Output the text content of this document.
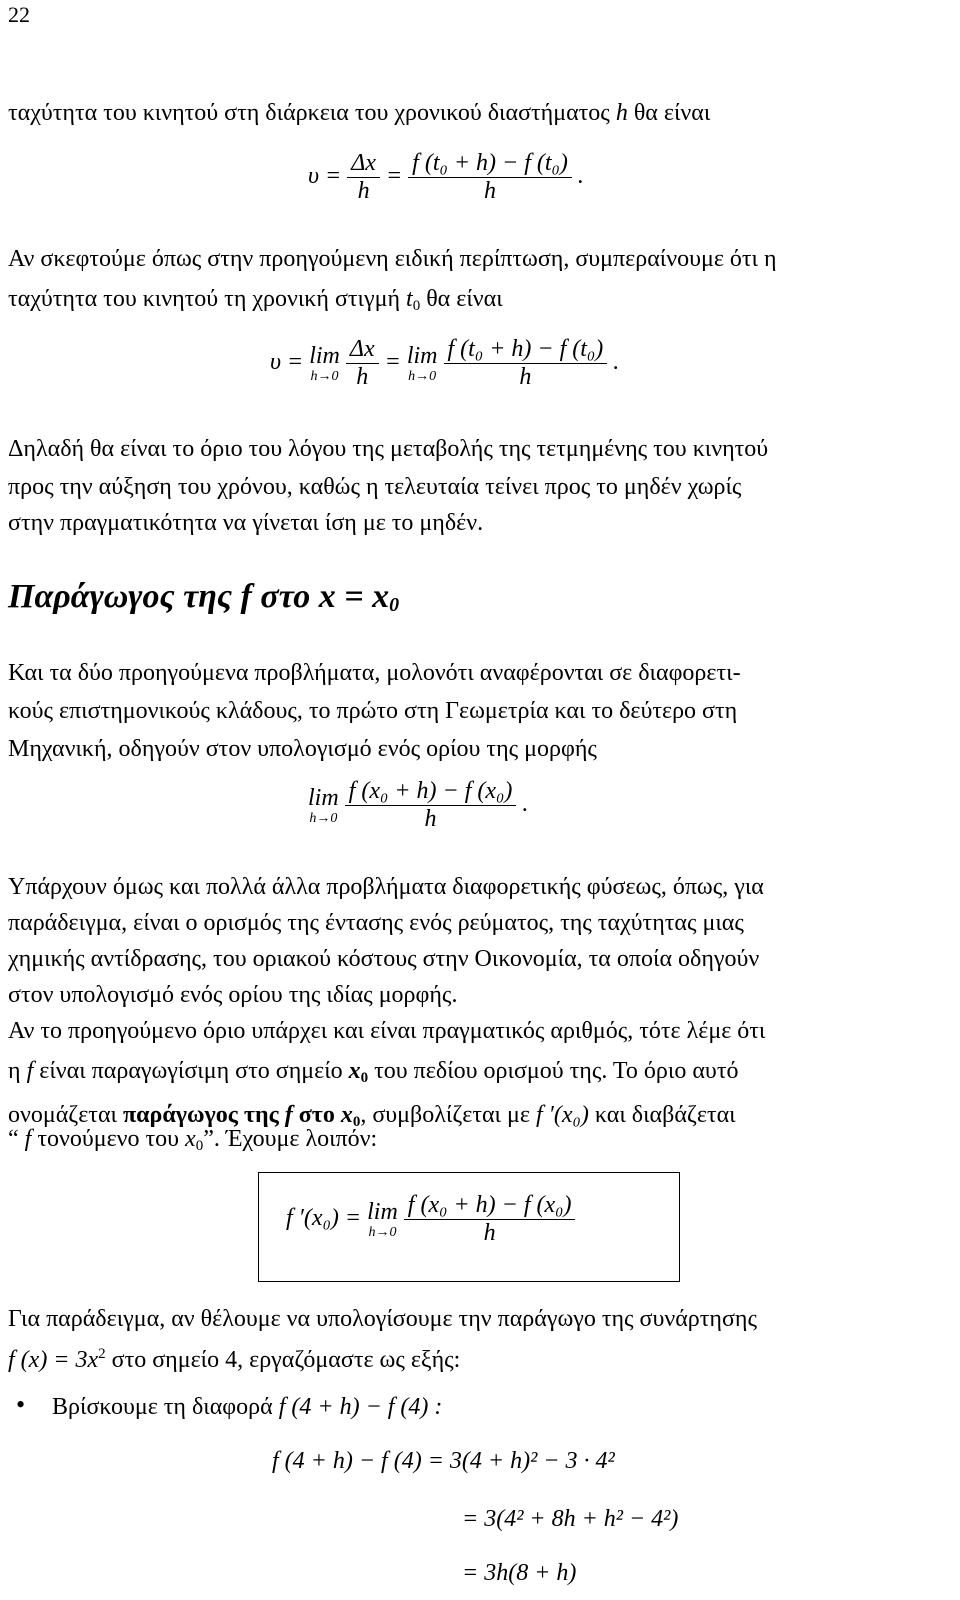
22
ταχύτητα του κινητού στη διάρκεια του χρονικού διαστήματος h θα είναι
$\upsilon = \frac{\Delta x}{h} = \frac{\text{f (t₀ + h) − f (t₀)}}{h}$ .
Αν σκεφτούμε όπως στην προηγούμενη ειδική περίπτωση, συμπεραίνουμε ότι η
ταχύτητα του κινητού τη χρονική στιγμή $t_0$ θα είναι
υ = lim
h→0
$\frac{\Delta x}{h} = \lim$
h→0
$\frac{\text{f (t₀ + h) − f (t₀)}}{h}$ .
Δηλαδή θα είναι το όριο του λόγου της μεταβολής της τετμημένης του κινητού
προς την αύξηση του χρόνου, καθώς η τελευταία τείνει προς το μηδέν χωρίς
στην πραγματικότητα να γίνεται ίση με το μηδέν.
Παράγωγος της f στο $x = x_0$
Και τα δύο προηγούμενα προβλήματα, μολονότι αναφέρονται σε διαφορετι-
κούς επιστημονικούς κλάδους, το πρώτο στη Γεωμετρία και το δεύτερο στη
Μηχανική, οδηγούν στον υπολογισμό ενός ορίου της μορφής
lim
h→0
$\frac{\text{f (x₀ + h) − f (x₀)}}{h}$ .
Υπάρχουν όμως και πολλά άλλα προβλήματα διαφορετικής φύσεως, όπως, για
παράδειγμα, είναι ο ορισμός της έντασης ενός ρεύματος, της ταχύτητας μιας
χημικής αντίδρασης, του οριακού κόστους στην Οικονομία, τα οποία οδηγούν
στον υπολογισμό ενός ορίου της ιδίας μορφής.
Αν το προηγούμενο όριο υπάρχει και είναι πραγματικός αριθμός, τότε λέμε ότι
η f είναι παραγωγίσιμη στο σημείο $x_0$ του πεδίου ορισμού της. Το όριο αυτό
ονομάζεται παράγωγος της f στο $x_0$, συμβολίζεται με f ′(x₀) και διαβάζεται
“ f τονούμενο του $x_0$”. Έχουμε λοιπόν:
f ′(x₀) = lim
h→0
$\frac{\text{f (x₀ + h) − f (x₀)}}{h}$
Για παράδειγμα, αν θέλουμε να υπολογίσουμε την παράγωγο της συνάρτησης
f $(x) = 3x^2$ στο σημείο 4, εργαζόμαστε ως εξής:
• Βρίσκουμε τη διαφορά f (4 + h) − f (4) :
f (4 + h) − f (4) = 3(4 + h)² − 3 · 4²
= 3(4² + 8h + h² − 4²)
= 3h(8 + h)
